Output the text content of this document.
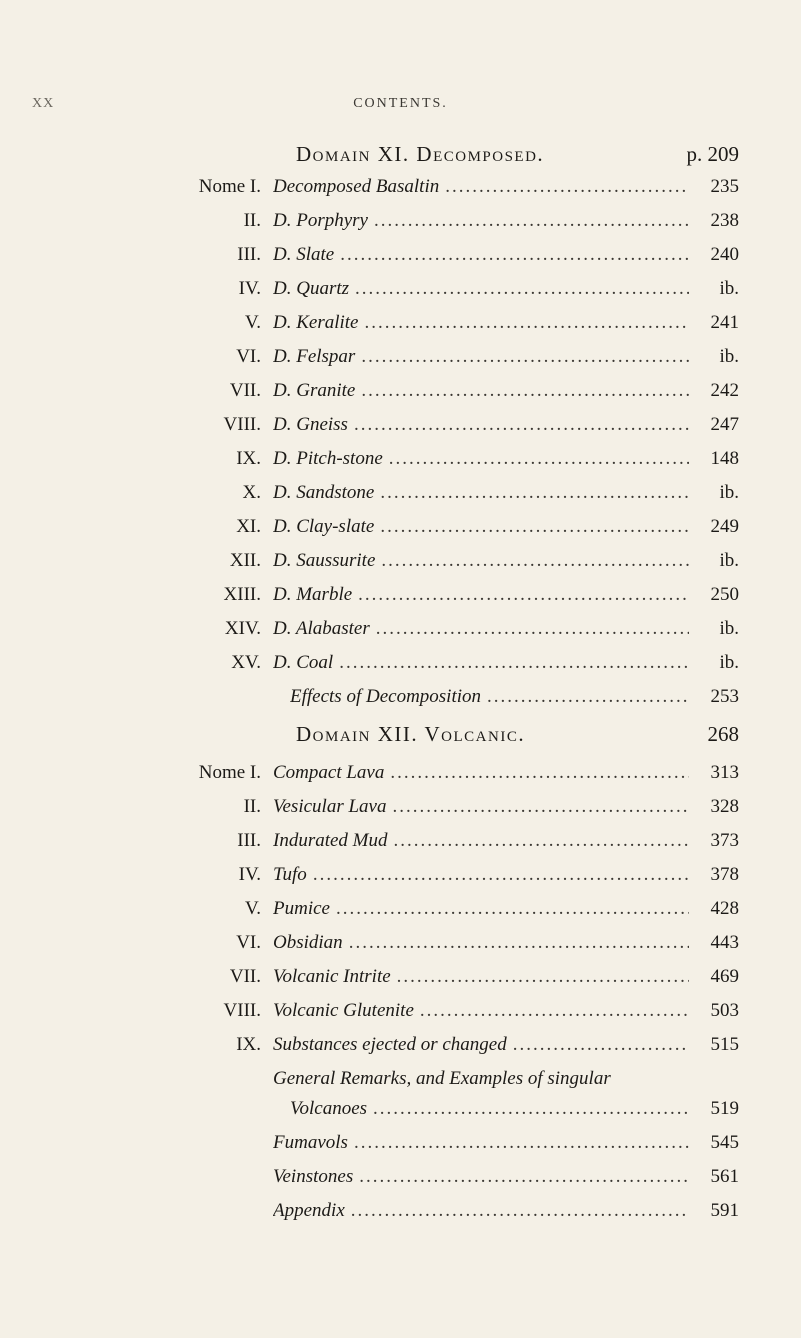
XX	CONTENTS.
Domain XI. Decomposed.	p. 209
Nome I. Decomposed Basaltin .....	235
II. D. Porphyry .....	238
III. D. Slate .....	240
IV. D. Quartz .....	ib.
V. D. Keralite .....	241
VI. D. Felspar .....	ib.
VII. D. Granite .....	242
VIII. D. Gneiss .....	247
IX. D. Pitch-stone .....	148
X. D. Sandstone .....	ib.
XI. D. Clay-slate .....	249
XII. D. Saussurite .....	ib.
XIII. D. Marble .....	250
XIV. D. Alabaster .....	ib.
XV. D. Coal .....	ib.
Effects of Decomposition .....	253
Domain XII. Volcanic.	268
Nome I. Compact Lava .....	313
II. Vesicular Lava .....	328
III. Indurated Mud .....	373
IV. Tufo .....	378
V. Pumice .....	428
VI. Obsidian .....	443
VII. Volcanic Intrite .....	469
VIII. Volcanic Glutenite .....	503
IX. Substances ejected or changed .....	515
General Remarks, and Examples of singular
Volcanoes .....	519
Fumavols .....	545
Veinstones .....	561
Appendix .....	591
